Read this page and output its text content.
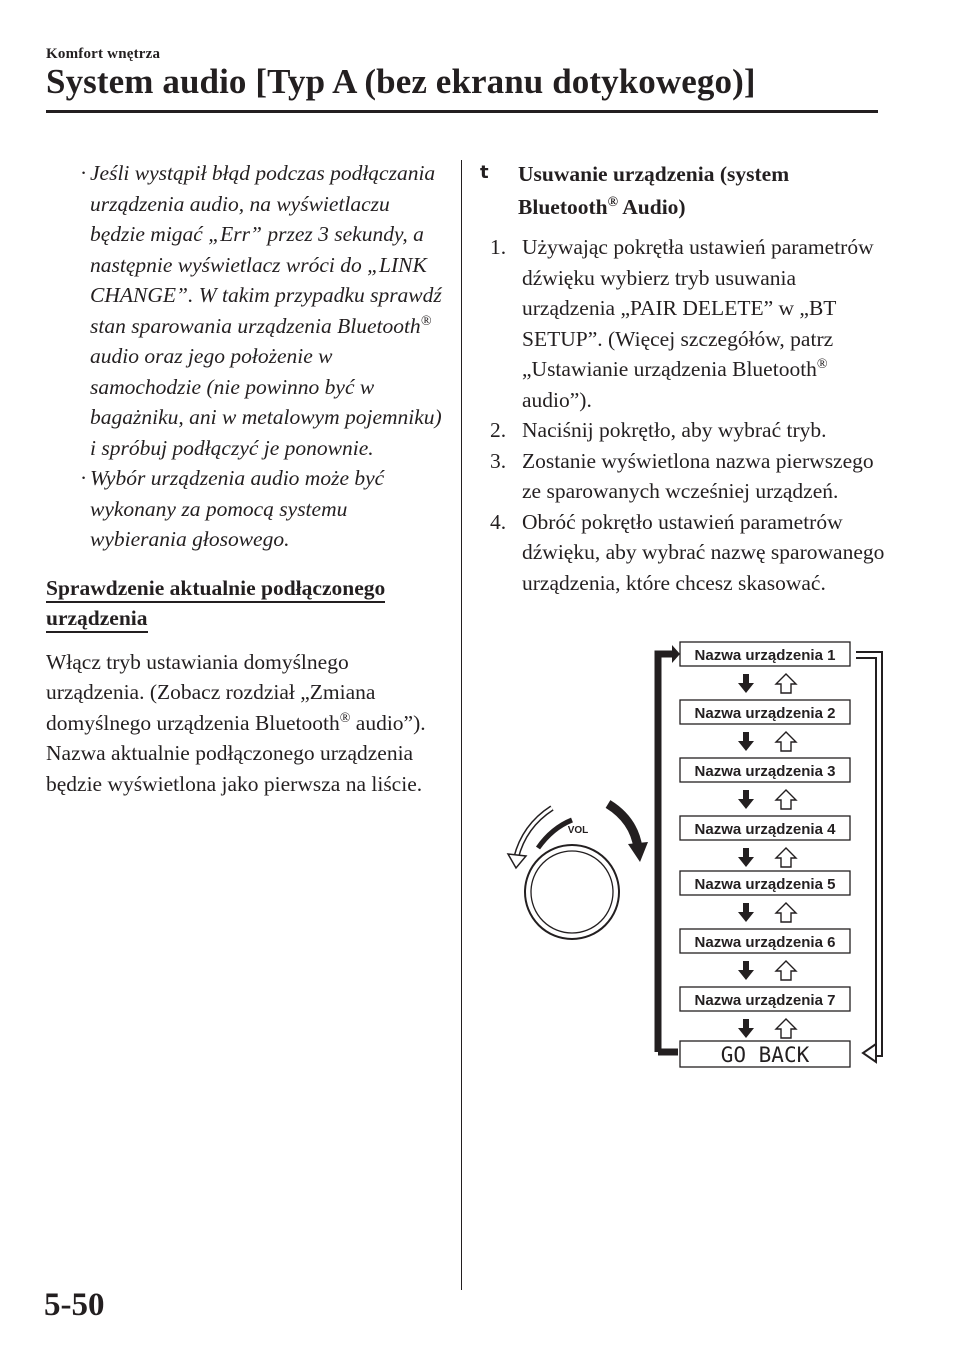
Komfort wnętrza
System audio [Typ A (bez ekranu dotykowego)]
· Jeśli wystąpił błąd podczas podłączania urządzenia audio, na wyświetlaczu będzie migać „Err” przez 3 sekundy, a następnie wyświetlacz wróci do „LINK CHANGE”. W takim przypadku sprawdź stan sparowania urządzenia Bluetooth® audio oraz jego położenie w samochodzie (nie powinno być w bagażniku, ani w metalowym pojemniku) i spróbuj podłączyć je ponownie.
· Wybór urządzenia audio może być wykonany za pomocą systemu wybierania głosowego.
Sprawdzenie aktualnie podłączonego
urządzenia
Włącz tryb ustawiania domyślnego urządzenia. (Zobacz rozdział „Zmiana domyślnego urządzenia Bluetooth® audio”).
Nazwa aktualnie podłączonego urządzenia będzie wyświetlona jako pierwsza na liście.
t Usuwanie urządzenia (system
Bluetooth® Audio)
1. Używając pokrętła ustawień parametrów dźwięku wybierz tryb usuwania urządzenia „PAIR DELETE” w „BT SETUP”. (Więcej szczegółów, patrz „Ustawianie urządzenia Bluetooth® audio”).
2. Naciśnij pokrętło, aby wybrać tryb.
3. Zostanie wyświetlona nazwa pierwszego ze sparowanych wcześniej urządzeń.
4. Obróć pokrętło ustawień parametrów dźwięku, aby wybrać nazwę sparowanego urządzenia, które chcesz skasować.
Nazwa urządzenia 1
Nazwa urządzenia 2
Nazwa urządzenia 3
Nazwa urządzenia 4
Nazwa urządzenia 5
Nazwa urządzenia 6
Nazwa urządzenia 7
GO BACK
VOL
5-50
